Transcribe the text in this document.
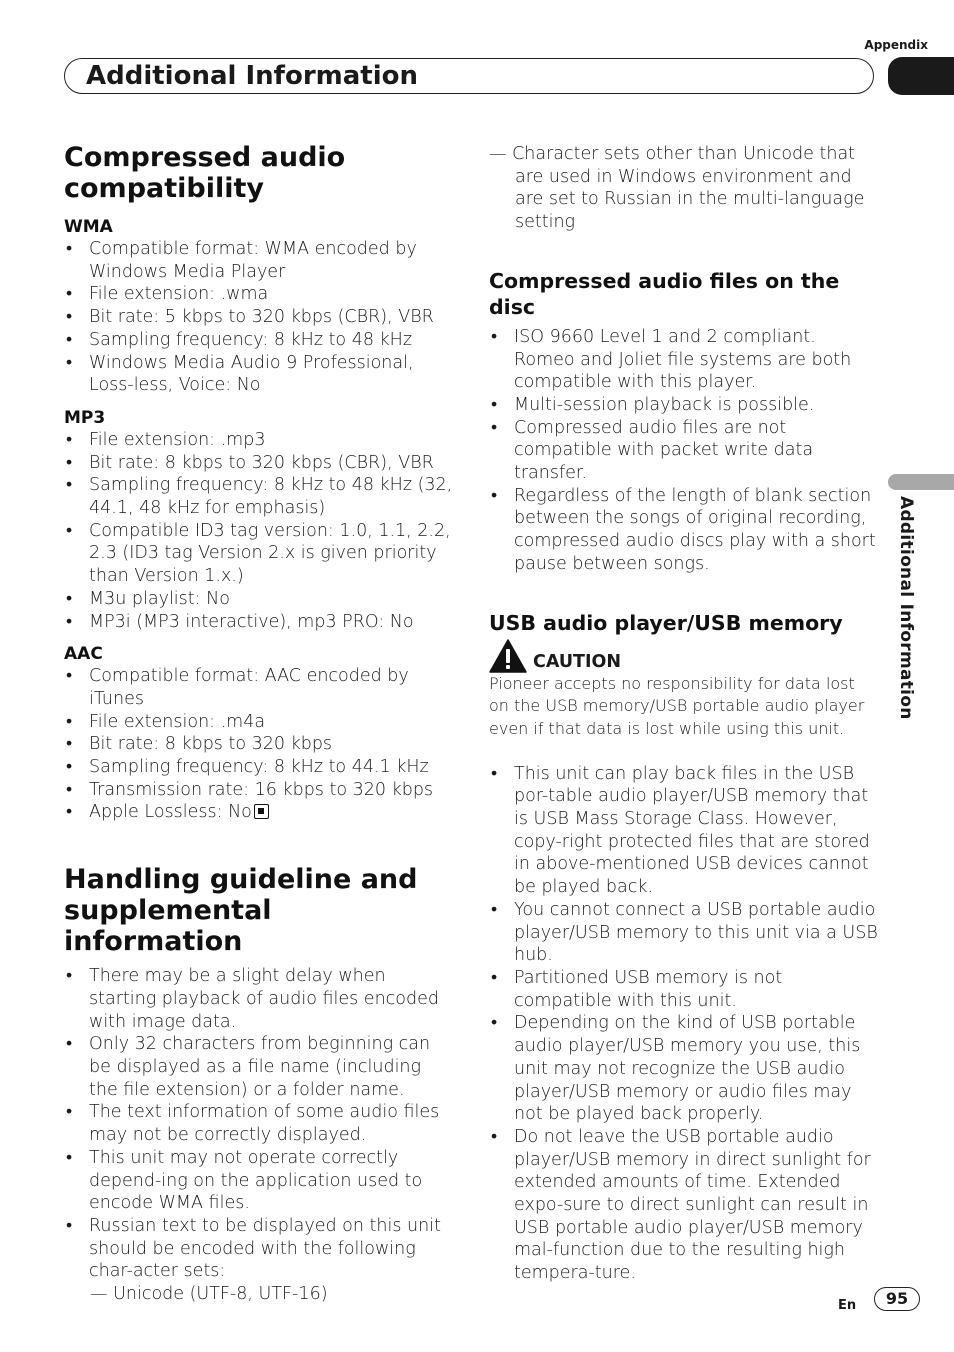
Appendix
Additional Information
Additional Information
Compressed audio compatibility
WMA
• Compatible format: WMA encoded by Windows Media Player
• File extension: .wma
• Bit rate: 5 kbps to 320 kbps (CBR), VBR
• Sampling frequency: 8 kHz to 48 kHz
• Windows Media Audio 9 Professional, Loss-less, Voice: No
MP3
• File extension: .mp3
• Bit rate: 8 kbps to 320 kbps (CBR), VBR
• Sampling frequency: 8 kHz to 48 kHz (32, 44.1, 48 kHz for emphasis)
• Compatible ID3 tag version: 1.0, 1.1, 2.2, 2.3 (ID3 tag Version 2.x is given priority than Version 1.x.)
• M3u playlist: No
• MP3i (MP3 interactive), mp3 PRO: No
AAC
• Compatible format: AAC encoded by iTunes
• File extension: .m4a
• Bit rate: 8 kbps to 320 kbps
• Sampling frequency: 8 kHz to 44.1 kHz
• Transmission rate: 16 kbps to 320 kbps
• Apple Lossless: No
Handling guideline and supplemental information
• There may be a slight delay when starting playback of audio files encoded with image data.
• Only 32 characters from beginning can be displayed as a file name (including the file extension) or a folder name.
• The text information of some audio files may not be correctly displayed.
• This unit may not operate correctly depend-ing on the application used to encode WMA files.
• Russian text to be displayed on this unit should be encoded with the following char-acter sets:
— Unicode (UTF-8, UTF-16)
— Character sets other than Unicode that are used in Windows environment and are set to Russian in the multi-language setting
Compressed audio files on the disc
• ISO 9660 Level 1 and 2 compliant. Romeo and Joliet file systems are both compatible with this player.
• Multi-session playback is possible.
• Compressed audio files are not compatible with packet write data transfer.
• Regardless of the length of blank section between the songs of original recording, compressed audio discs play with a short pause between songs.
USB audio player/USB memory
CAUTION
Pioneer accepts no responsibility for data lost on the USB memory/USB portable audio player even if that data is lost while using this unit.
• This unit can play back files in the USB por-table audio player/USB memory that is USB Mass Storage Class. However, copy-right protected files that are stored in above-mentioned USB devices cannot be played back.
• You cannot connect a USB portable audio player/USB memory to this unit via a USB hub.
• Partitioned USB memory is not compatible with this unit.
• Depending on the kind of USB portable audio player/USB memory you use, this unit may not recognize the USB audio player/USB memory or audio files may not be played back properly.
• Do not leave the USB portable audio player/USB memory in direct sunlight for extended amounts of time. Extended expo-sure to direct sunlight can result in USB portable audio player/USB memory mal-function due to the resulting high tempera-ture.
En	95
